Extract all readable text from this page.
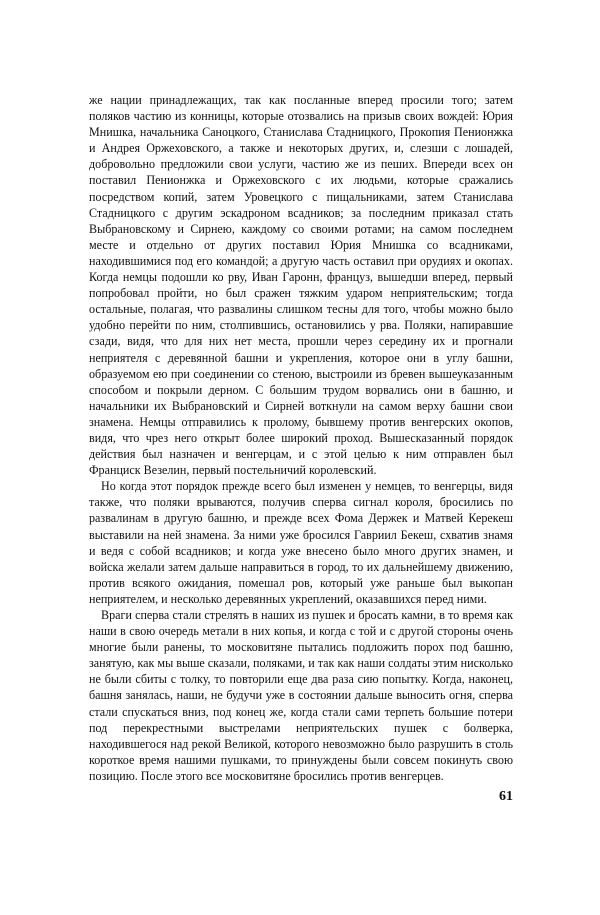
же нации принадлежащих, так как посланные вперед просили того; затем поляков частию из конницы, которые отозвались на призыв своих вождей: Юрия Мнишка, начальника Саноцкого, Станислава Стадницкого, Прокопия Пенионжка и Андрея Оржеховского, а также и некоторых других, и, слезши с лошадей, добровольно предложили свои услуги, частию же из пеших. Впереди всех он поставил Пенионжка и Оржеховского с их людьми, которые сражались посредством копий, затем Уровецкого с пищальниками, затем Станислава Стадницкого с другим эскадроном всадников; за последним приказал стать Выбрановскому и Сирнею, каждому со своими ротами; на самом последнем месте и отдельно от других поставил Юрия Мнишка со всадниками, находившимися под его командой; а другую часть оставил при орудиях и окопах. Когда немцы подошли ко рву, Иван Гаронн, француз, вышедши вперед, первый попробовал пройти, но был сражен тяжким ударом неприятельским; тогда остальные, полагая, что развалины слишком тесны для того, чтобы можно было удобно перейти по ним, столпившись, остановились у рва. Поляки, напиравшие сзади, видя, что для них нет места, прошли через середину их и прогнали неприятеля с деревянной башни и укрепления, которое они в углу башни, образуемом ею при соединении со стеною, выстроили из бревен вышеуказанным способом и покрыли дерном. С большим трудом ворвались они в башню, и начальники их Выбрановский и Сирней воткнули на самом верху башни свои знамена. Немцы отправились к пролому, бывшему против венгерских окопов, видя, что чрез него открыт более широкий проход. Вышесказанный порядок действия был назначен и венгерцам, и с этой целью к ним отправлен был Франциск Везелин, первый постельничий королевский.

Но когда этот порядок прежде всего был изменен у немцев, то венгерцы, видя также, что поляки врываются, получив сперва сигнал короля, бросились по развалинам в другую башню, и прежде всех Фома Держек и Матвей Керекеш выставили на ней знамена. За ними уже бросился Гавриил Бекеш, схватив знамя и ведя с собой всадников; и когда уже внесено было много других знамен, и войска желали затем дальше направиться в город, то их дальнейшему движению, против всякого ожидания, помешал ров, который уже раньше был выкопан неприятелем, и несколько деревянных укреплений, оказавшихся перед ними.

Враги сперва стали стрелять в наших из пушек и бросать камни, в то время как наши в свою очередь метали в них копья, и когда с той и с другой стороны очень многие были ранены, то московитяне пытались подложить порох под башню, занятую, как мы выше сказали, поляками, и так как наши солдаты этим нисколько не были сбиты с толку, то повторили еще два раза сию попытку. Когда, наконец, башня занялась, наши, не будучи уже в состоянии дальше выносить огня, сперва стали спускаться вниз, под конец же, когда стали сами терпеть большие потери под перекрестными выстрелами неприятельских пушек с болверка, находившегося над рекой Великой, которого невозможно было разрушить в столь короткое время нашими пушками, то принуждены были совсем покинуть свою позицию. После этого все московитяне бросились против венгерцев.

61
